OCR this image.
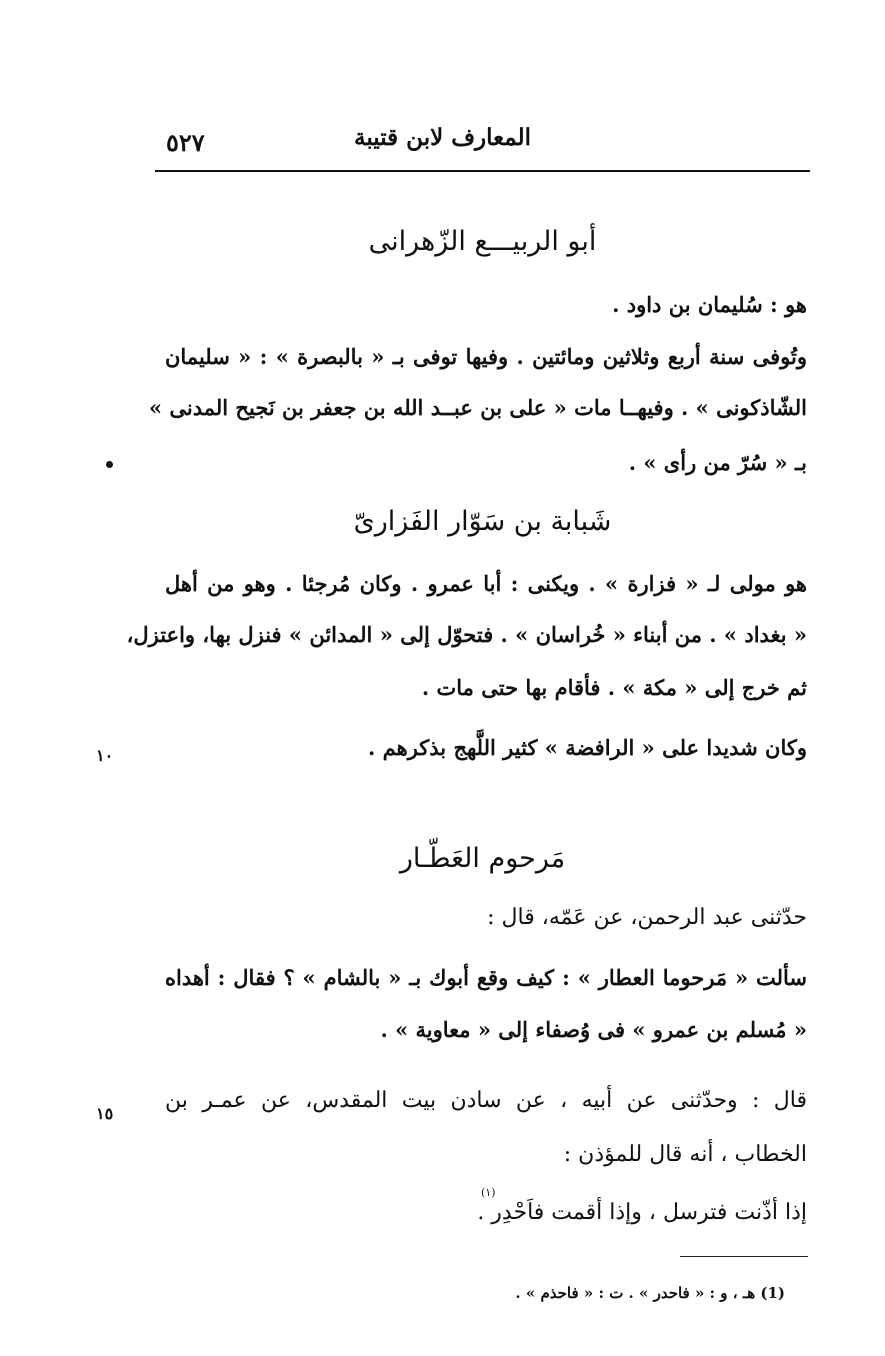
المعارف لابن قتيبة
٥٢٧
أبو الربيـــع الزّهرانى
هو : سُليمان بن داود .
وتُوفى سنة أربع وثلاثين ومائتين . وفيها توفى بـ « بالبصرة » : « سليمان
الشّاذكونى » . وفيهــا مات « على بن عبــد الله بن جعفر بن نَجيح المدنى »
بـ « سُرّ من رأى » .
شَبابة بن سَوّار الفَزارىّ
هو مولى لـ « فزارة » . ويكنى : أبا عمرو . وكان مُرجئا . وهو من أهل
« بغداد » . من أبناء « خُراسان » . فتحوّل إلى « المدائن » فنزل بها، واعتزل،
ثم خرج إلى « مكة » . فأقام بها حتى مات .
وكان شديدا على « الرافضة » كثير اللَّهج بذكرهم .
١٠
مَرحوم العَطّـار
حدّثنى عبد الرحمن، عن عَمّه، قال :
سألت « مَرحوما العطار » : كيف وقع أبوك بـ « بالشام » ؟ فقال : أهداه
« مُسلم بن عمرو » فى وُصفاء إلى « معاوية » .
قال : وحدّثنى عن أبيه ، عن سادن بيت المقدس، عن عمـر بن
الخطاب ، أنه قال للمؤذن :
إذا أذّنت فترسل ، وإذا أقمت فاَحْدِر .
(١)
١٥
(1) هـ ، و : « فاحدر » . ت : « فاحذم » .
